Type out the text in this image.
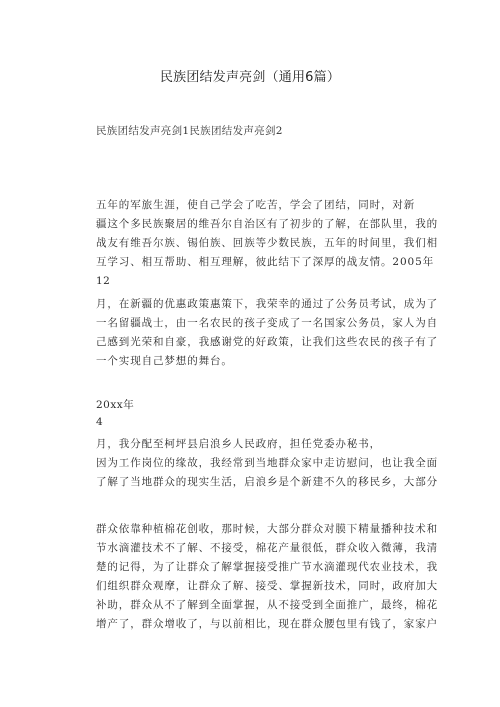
民族团结发声亮剑（通用6篇）
民族团结发声亮剑1民族团结发声亮剑2
五年的军旅生涯，使自己学会了吃苦，学会了团结，同时，对新
疆这个多民族聚居的维吾尔自治区有了初步的了解，在部队里，我的
战友有维吾尔族、锡伯族、回族等少数民族，五年的时间里，我们相
互学习、相互帮助、相互理解，彼此结下了深厚的战友情。2005年
12
月，在新疆的优惠政策惠策下，我荣幸的通过了公务员考试，成为了
一名留疆战士，由一名农民的孩子变成了一名国家公务员，家人为自
己感到光荣和自豪，我感谢党的好政策，让我们这些农民的孩子有了
一个实现自己梦想的舞台。
20xx年
4
月，我分配至柯坪县启浪乡人民政府，担任党委办秘书，
因为工作岗位的缘故，我经常到当地群众家中走访慰问，也让我全面
了解了当地群众的现实生活，启浪乡是个新建不久的移民乡，大部分
群众依靠种植棉花创收，那时候，大部分群众对膜下精量播种技术和
节水滴灌技术不了解、不接受，棉花产量很低，群众收入微薄，我清
楚的记得，为了让群众了解掌握接受推广节水滴灌现代农业技术，我
们组织群众观摩，让群众了解、接受、掌握新技术，同时，政府加大
补助，群众从不了解到全面掌握，从不接受到全面推广，最终，棉花
增产了，群众增收了，与以前相比，现在群众腰包里有钱了，家家户
